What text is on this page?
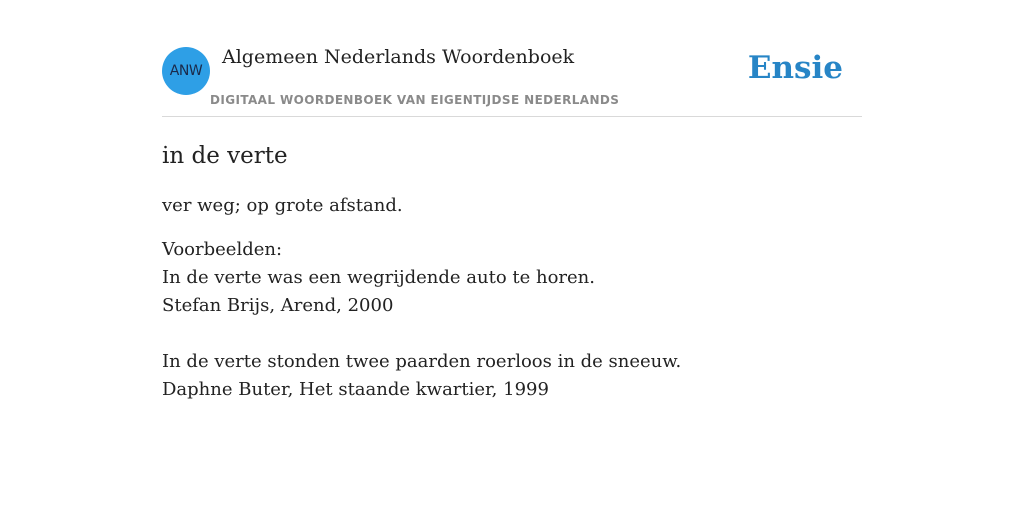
ANW
Algemeen Nederlands Woordenboek
DIGITAAL WOORDENBOEK VAN EIGENTIJDSE NEDERLANDS
Ensie
in de verte
ver weg; op grote afstand.
Voorbeelden:
In de verte was een wegrijdende auto te horen.
Stefan Brijs, Arend, 2000
In de verte stonden twee paarden roerloos in de sneeuw.
Daphne Buter, Het staande kwartier, 1999
